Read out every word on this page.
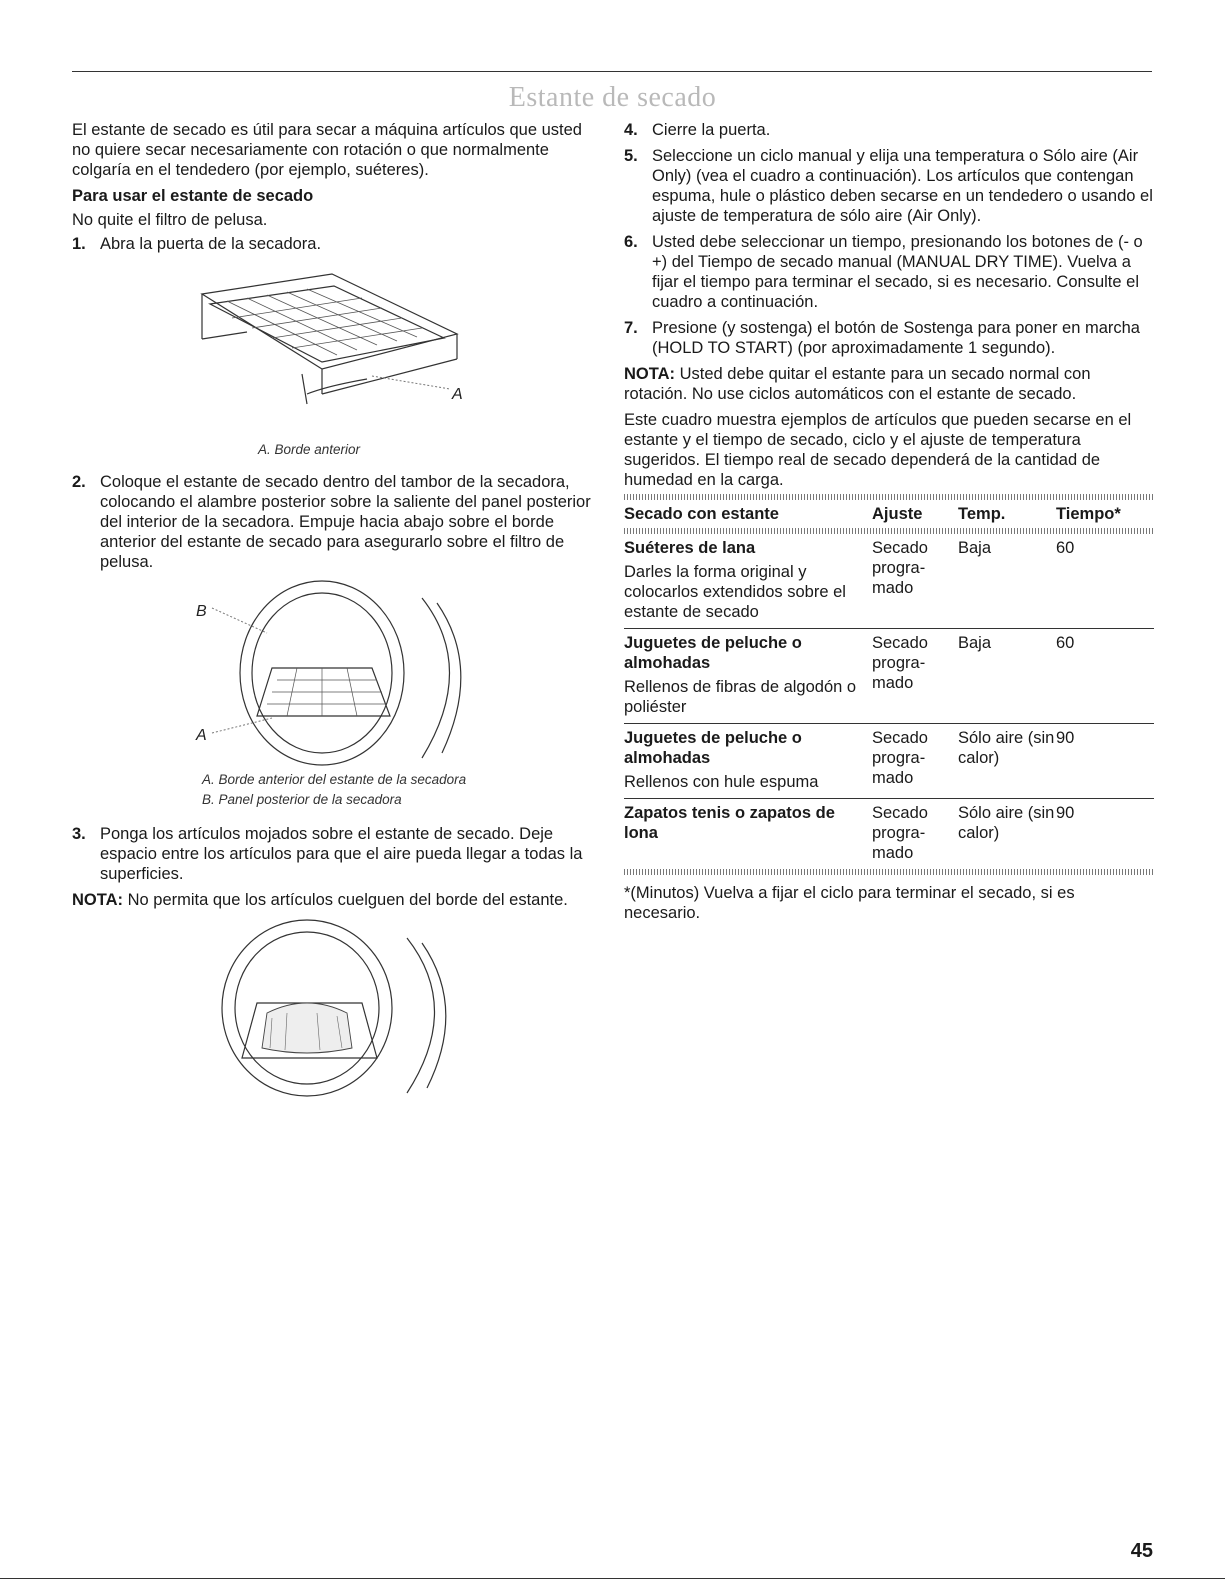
Estante de secado

El estante de secado es útil para secar a máquina artículos que usted no quiere secar necesariamente con rotación o que normalmente colgaría en el tendedero (por ejemplo, suéteres).

Para usar el estante de secado

No quite el filtro de pelusa.

1. Abra la puerta de la secadora.
A
A. Borde anterior
2. Coloque el estante de secado dentro del tambor de la secadora, colocando el alambre posterior sobre la saliente del panel posterior del interior de la secadora. Empuje hacia abajo sobre el borde anterior del estante de secado para asegurarlo sobre el filtro de pelusa.
B
A
A. Borde anterior del estante de la secadora
B. Panel posterior de la secadora
3. Ponga los artículos mojados sobre el estante de secado. Deje espacio entre los artículos para que el aire pueda llegar a todas la superficies.

NOTA: No permita que los artículos cuelguen del borde del estante.

4. Cierre la puerta.
5. Seleccione un ciclo manual y elija una temperatura o Sólo aire (Air Only) (vea el cuadro a continuación). Los artículos que contengan espuma, hule o plástico deben secarse en un tendedero o usando el ajuste de temperatura de sólo aire (Air Only).
6. Usted debe seleccionar un tiempo, presionando los botones de (- o +) del Tiempo de secado manual (MANUAL DRY TIME). Vuelva a fijar el tiempo para terminar el secado, si es necesario. Consulte el cuadro a continuación.
7. Presione (y sostenga) el botón de Sostenga para poner en marcha (HOLD TO START) (por aproximadamente 1 segundo).

NOTA: Usted debe quitar el estante para un secado normal con rotación. No use ciclos automáticos con el estante de secado.

Este cuadro muestra ejemplos de artículos que pueden secarse en el estante y el tiempo de secado, ciclo y el ajuste de temperatura sugeridos. El tiempo real de secado dependerá de la cantidad de humedad en la carga.

Secado con estante	Ajuste	Temp.	Tiempo*
Suéteres de lana
Darles la forma original y colocarlos extendidos sobre el estante de secado	Secado progra-mado	Baja	60

Juguetes de peluche o almohadas
Rellenos de fibras de algodón o poliéster	Secado progra-mado	Baja	60

Juguetes de peluche o almohadas
Rellenos con hule espuma	Secado progra-mado	Sólo aire (sin calor)	90

Zapatos tenis o zapatos de lona	Secado progra-mado	Sólo aire (sin calor)	90

*(Minutos) Vuelva a fijar el ciclo para terminar el secado, si es necesario.

45
